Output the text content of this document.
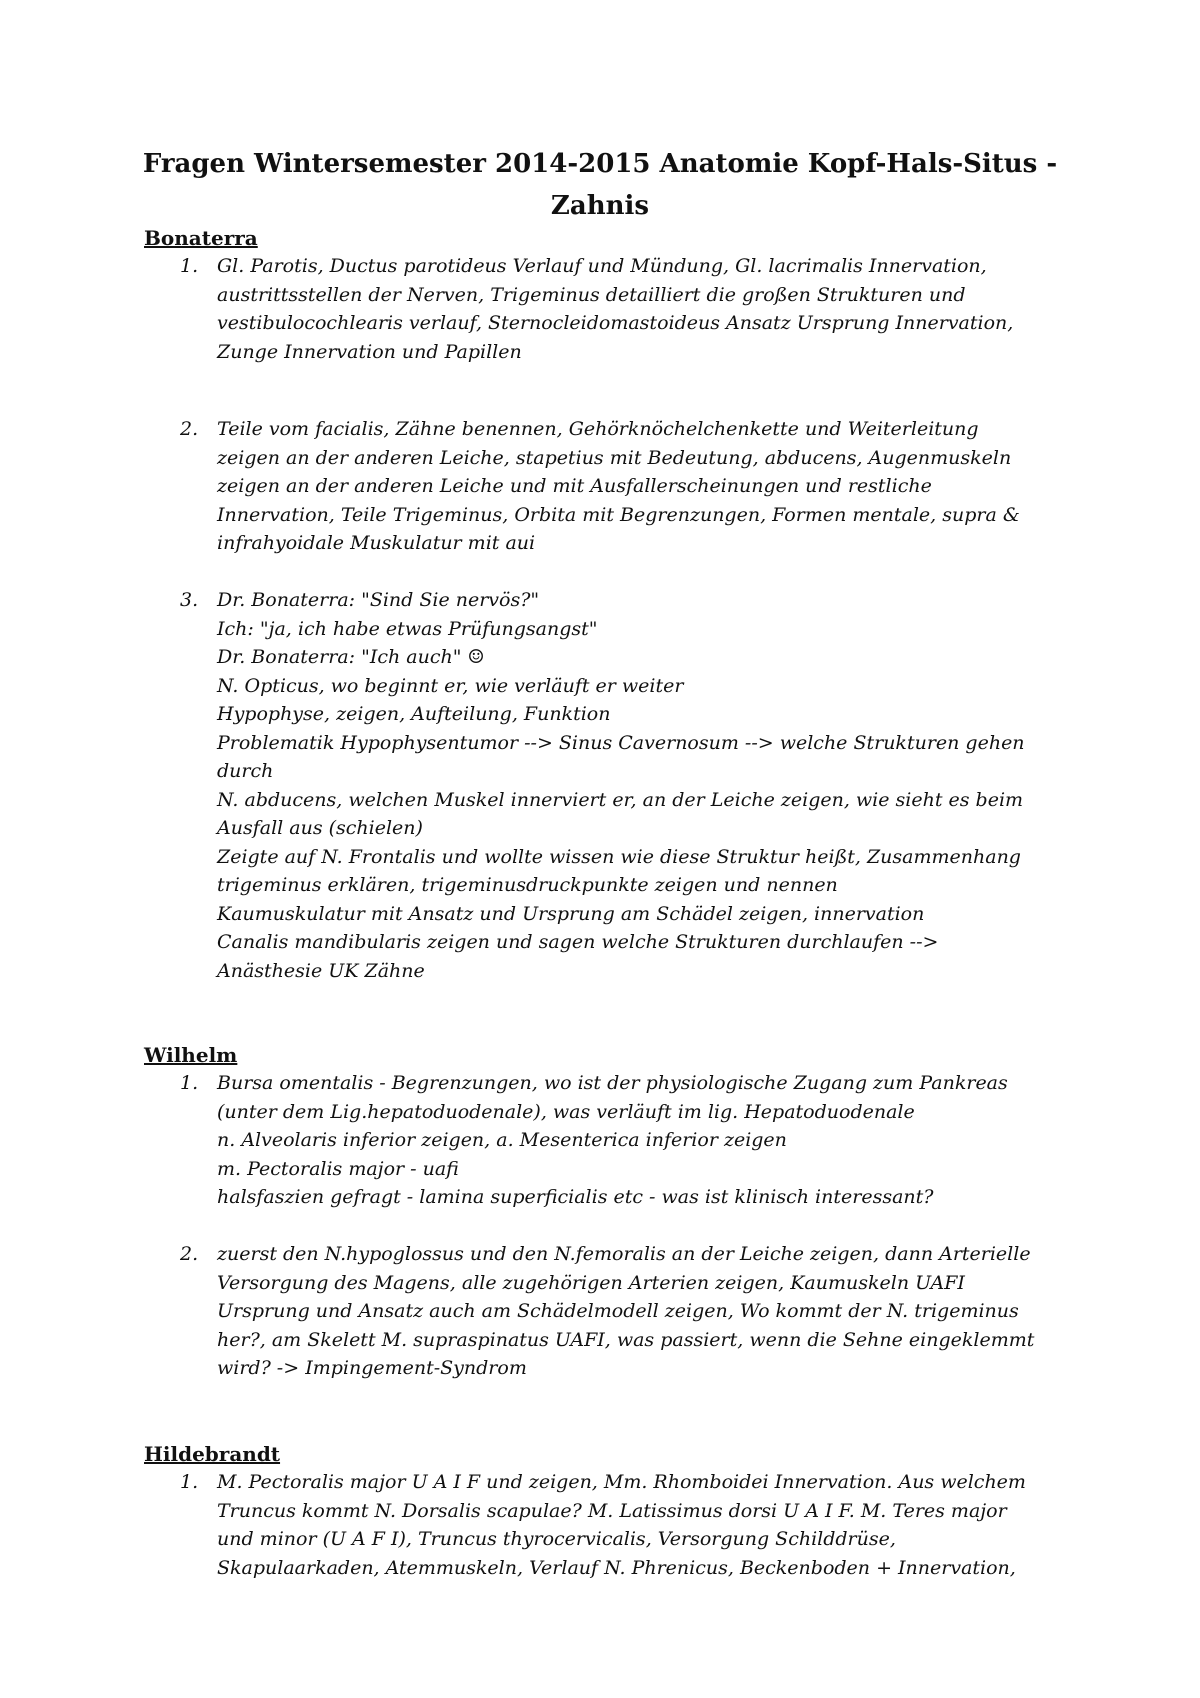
Fragen Wintersemester 2014-2015 Anatomie Kopf-Hals-Situs -
Zahnis
Bonaterra
1. Gl. Parotis, Ductus parotideus Verlauf und Mündung, Gl. lacrimalis Innervation,
austrittsstellen der Nerven, Trigeminus detailliert die großen Strukturen und
vestibulocochlearis verlauf, Sternocleidomastoideus Ansatz Ursprung Innervation,
Zunge Innervation und Papillen
2. Teile vom facialis, Zähne benennen, Gehörknöchelchenkette und Weiterleitung
zeigen an der anderen Leiche, stapetius mit Bedeutung, abducens, Augenmuskeln
zeigen an der anderen Leiche und mit Ausfallerscheinungen und restliche
Innervation, Teile Trigeminus, Orbita mit Begrenzungen, Formen mentale, supra &
infrahyoidale Muskulatur mit aui
3. Dr. Bonaterra: "Sind Sie nervös?"
Ich: "ja, ich habe etwas Prüfungsangst"
Dr. Bonaterra: "Ich auch" ☺
N. Opticus, wo beginnt er, wie verläuft er weiter
Hypophyse, zeigen, Aufteilung, Funktion
Problematik Hypophysentumor --> Sinus Cavernosum --> welche Strukturen gehen
durch
N. abducens, welchen Muskel innerviert er, an der Leiche zeigen, wie sieht es beim
Ausfall aus (schielen)
Zeigte auf N. Frontalis und wollte wissen wie diese Struktur heißt, Zusammenhang
trigeminus erklären, trigeminusdruckpunkte zeigen und nennen
Kaumuskulatur mit Ansatz und Ursprung am Schädel zeigen, innervation
Canalis mandibularis zeigen und sagen welche Strukturen durchlaufen -->
Anästhesie UK Zähne
Wilhelm
1. Bursa omentalis - Begrenzungen, wo ist der physiologische Zugang zum Pankreas
(unter dem Lig.hepatoduodenale), was verläuft im lig. Hepatoduodenale
n. Alveolaris inferior zeigen, a. Mesenterica inferior zeigen
m. Pectoralis major - uafi
halsfaszien gefragt - lamina superficialis etc - was ist klinisch interessant?
2. zuerst den N.hypoglossus und den N.femoralis an der Leiche zeigen, dann Arterielle
Versorgung des Magens, alle zugehörigen Arterien zeigen, Kaumuskeln UAFI
Ursprung und Ansatz auch am Schädelmodell zeigen, Wo kommt der N. trigeminus
her?, am Skelett M. supraspinatus UAFI, was passiert, wenn die Sehne eingeklemmt
wird? -> Impingement-Syndrom
Hildebrandt
1. M. Pectoralis major U A I F und zeigen, Mm. Rhomboidei Innervation. Aus welchem
Truncus kommt N. Dorsalis scapulae? M. Latissimus dorsi U A I F. M. Teres major
und minor (U A F I), Truncus thyrocervicalis, Versorgung Schilddrüse,
Skapulaarkaden, Atemmuskeln, Verlauf N. Phrenicus, Beckenboden + Innervation,
